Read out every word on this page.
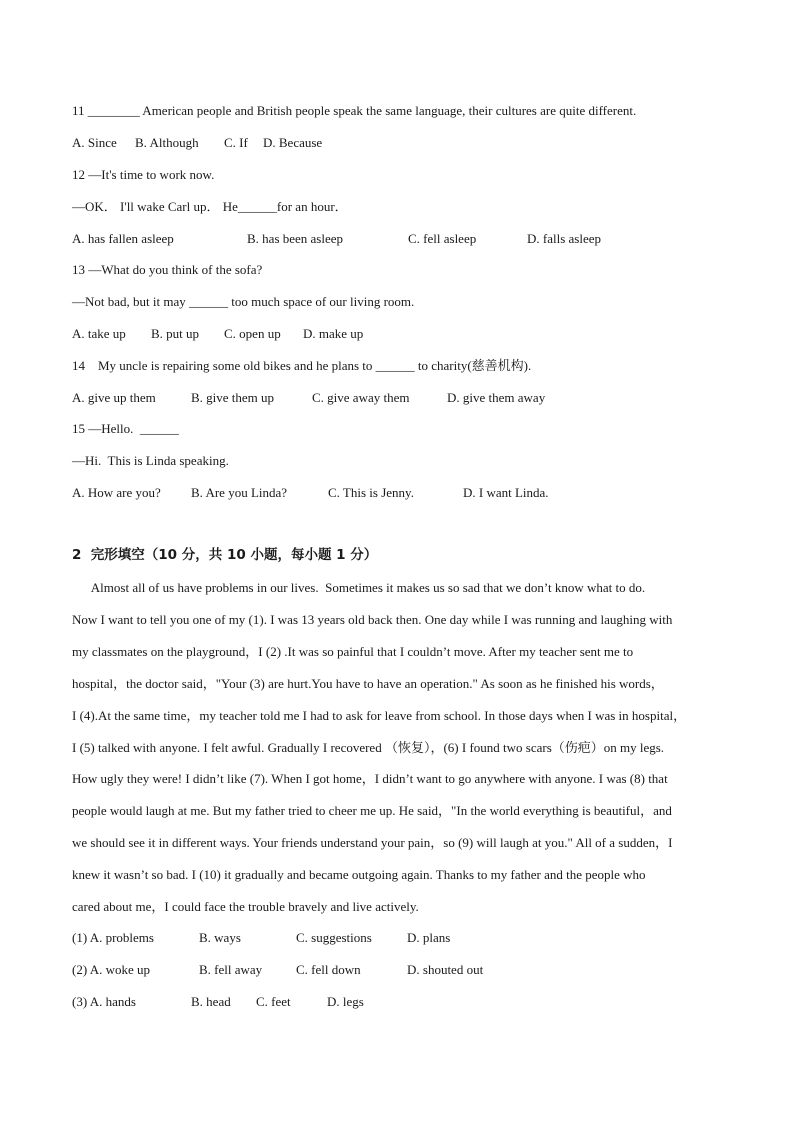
11 ________ American people and British people speak the same language, their cultures are quite different.

A. Since

B. Although

C. If

D. Because

12 —It's time to work now.
—OK． I'll wake Carl up． He______for an hour．

A. has fallen asleep

	B. has been asleep

	C. fell asleep

	D. falls asleep

13 —What do you think of the sofa?
—Not bad, but it may ______ too much space of our living room.

A. take up

B. put up

C. open up

D. make up

14    My uncle is repairing some old bikes and he plans to ______ to charity(慈善机构).

A. give up them

	B. give them up

	C. give away them

	D. give them away

15 —Hello.  ______
—Hi.  This is Linda speaking.

A. How are you?

B. Are you Linda?

	C. This is Jenny.

	D. I want Linda.

2  完形填空（10 分，共 10 小题，每小题 1 分）
Almost all of us have problems in our lives.  Sometimes it makes us so sad that we don’t know what to do.
Now I want to tell you one of my (1). I was 13 years old back then. One day while I was running and laughing with
my classmates on the playground，I (2) .It was so painful that I couldn’t move. After my teacher sent me to
hospital，the doctor said，"Your (3) are hurt.You have to have an operation." As soon as he finished his words，
I (4).At the same time，my teacher told me I had to ask for leave from school. In those days when I was in hospital，
I (5) talked with anyone. I felt awful. Gradually I recovered （恢复），(6) I found two scars（伤疤）on my legs.
How ugly they were! I didn’t like (7). When I got home，I didn’t want to go anywhere with anyone. I was (8) that
people would laugh at me. But my father tried to cheer me up. He said，"In the world everything is beautiful，and
we should see it in different ways. Your friends understand your pain，so (9) will laugh at you." All of a sudden，I
knew it wasn’t so bad. I (10) it gradually and became outgoing again. Thanks to my father and the people who
cared about me，I could face the trouble bravely and live actively.

(1) A. problems

	B. ways

	C. suggestions

	D. plans

(2) A. woke up

	B. fell away

	C. fell down

	D. shouted out

(3) A. hands

	B. head

C. feet

	D. legs
